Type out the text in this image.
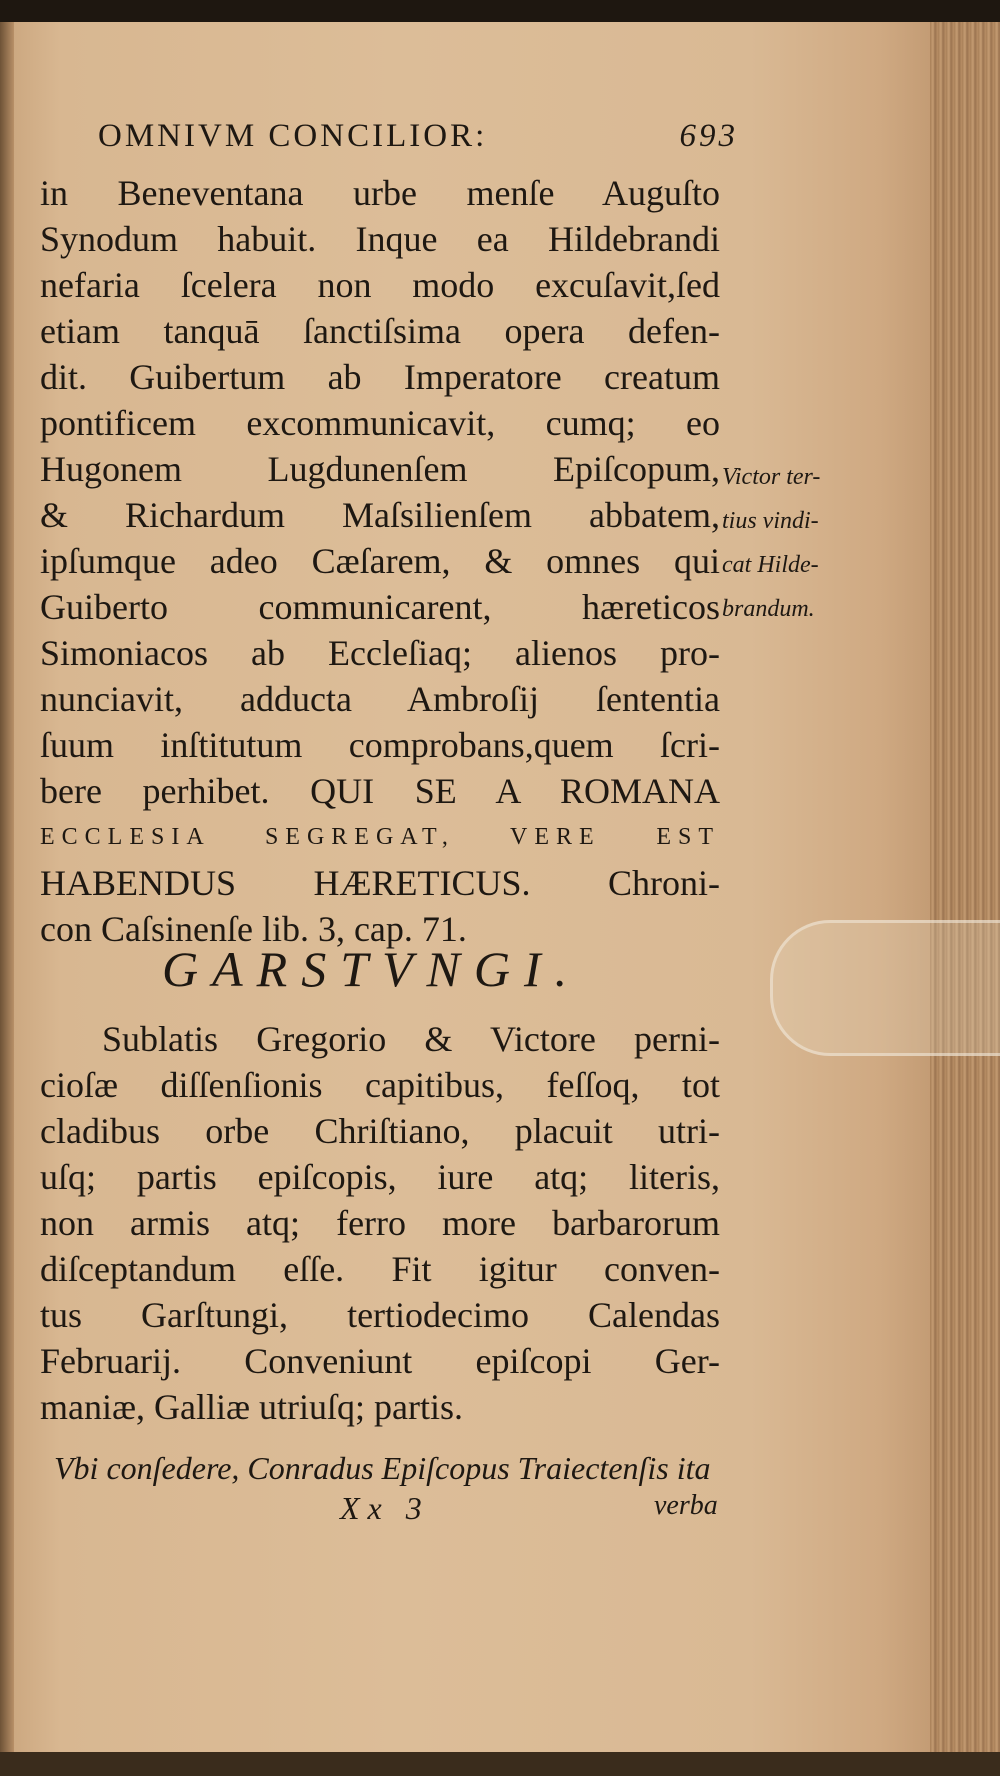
OMNIVM CONCILIOR:	693
in Beneventana urbe menſe Auguſto
Synodum habuit. Inque ea Hildebrandi
nefaria ſcelera non modo excuſavit,ſed
etiam tanquā ſanctiſsima opera defen-
dit. Guibertum ab Imperatore creatum
pontificem excommunicavit, cumq; eo
Hugonem Lugdunenſem Epiſcopum,
& Richardum Maſsilienſem abbatem,
ipſumque adeo Cæſarem, & omnes qui
Guiberto communicarent, hæreticos
Simoniacos ab Eccleſiaq; alienos pro-
nunciavit, adducta Ambroſij ſententia
ſuum inſtitutum comprobans,quem ſcri-
bere perhibet. QUI SE A ROMANA
ECCLESIA SEGREGAT, VERE EST
HABENDUS HÆRETICUS. Chroni-
con Caſsinenſe lib. 3, cap. 71.
Victor ter-
tius vindi-
cat Hilde-
brandum.
GARSTVNGI.
Sublatis Gregorio & Victore perni-
cioſæ diſſenſionis capitibus, feſſoq, tot
cladibus orbe Chriſtiano, placuit utri-
uſq; partis epiſcopis, iure atq; literis,
non armis atq; ferro more barbarorum
diſceptandum eſſe. Fit igitur conven-
tus Garſtungi, tertiodecimo Calendas
Februarij. Conveniunt epiſcopi Ger-
maniæ, Galliæ utriuſq; partis.
Vbi conſedere, Conradus Epiſcopus Traiectenſis ita
Xx 3	verba
